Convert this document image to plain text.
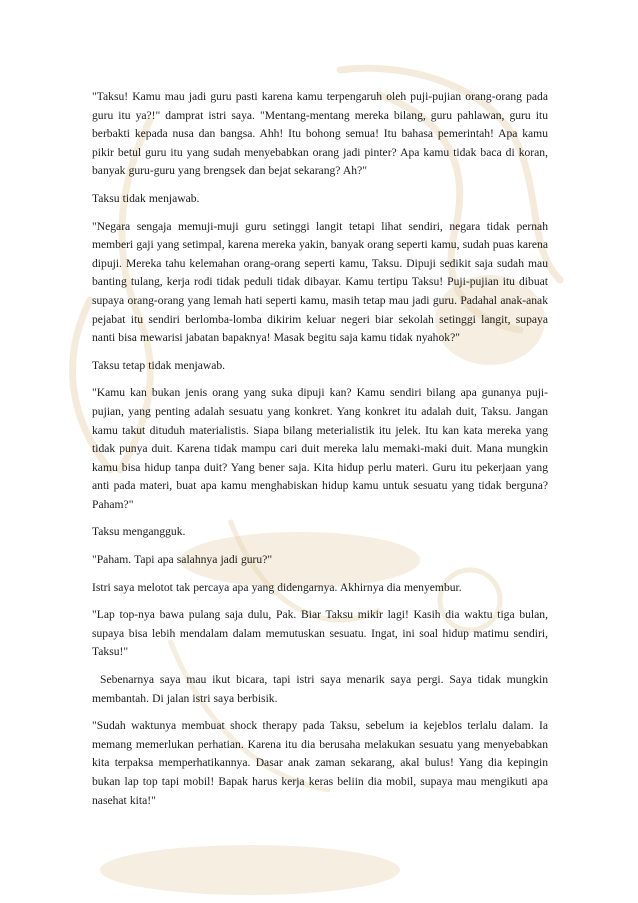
"Taksu! Kamu mau jadi guru pasti karena kamu terpengaruh oleh puji-pujian orang-orang pada guru itu ya?!" damprat istri saya. "Mentang-mentang mereka bilang, guru pahlawan, guru itu berbakti kepada nusa dan bangsa. Ahh! Itu bohong semua! Itu bahasa pemerintah! Apa kamu pikir betul guru itu yang sudah menyebabkan orang jadi pinter? Apa kamu tidak baca di koran, banyak guru-guru yang brengsek dan bejat sekarang? Ah?"

Taksu tidak menjawab.

"Negara sengaja memuji-muji guru setinggi langit tetapi lihat sendiri, negara tidak pernah memberi gaji yang setimpal, karena mereka yakin, banyak orang seperti kamu, sudah puas karena dipuji. Mereka tahu kelemahan orang-orang seperti kamu, Taksu. Dipuji sedikit saja sudah mau banting tulang, kerja rodi tidak peduli tidak dibayar. Kamu tertipu Taksu! Puji-pujian itu dibuat supaya orang-orang yang lemah hati seperti kamu, masih tetap mau jadi guru. Padahal anak-anak pejabat itu sendiri berlomba-lomba dikirim keluar negeri biar sekolah setinggi langit, supaya nanti bisa mewarisi jabatan bapaknya! Masak begitu saja kamu tidak nyahok?"

Taksu tetap tidak menjawab.

"Kamu kan bukan jenis orang yang suka dipuji kan? Kamu sendiri bilang apa gunanya puji-pujian, yang penting adalah sesuatu yang konkret. Yang konkret itu adalah duit, Taksu. Jangan kamu takut dituduh materialistis. Siapa bilang meterialistik itu jelek. Itu kan kata mereka yang tidak punya duit. Karena tidak mampu cari duit mereka lalu memaki-maki duit. Mana mungkin kamu bisa hidup tanpa duit? Yang bener saja. Kita hidup perlu materi. Guru itu pekerjaan yang anti pada materi, buat apa kamu menghabiskan hidup kamu untuk sesuatu yang tidak berguna? Paham?"

Taksu mengangguk.

"Paham. Tapi apa salahnya jadi guru?"

Istri saya melotot tak percaya apa yang didengarnya. Akhirnya dia menyembur.

"Lap top-nya bawa pulang saja dulu, Pak. Biar Taksu mikir lagi! Kasih dia waktu tiga bulan, supaya bisa lebih mendalam dalam memutuskan sesuatu. Ingat, ini soal hidup matimu sendiri, Taksu!"

Sebenarnya saya mau ikut bicara, tapi istri saya menarik saya pergi. Saya tidak mungkin membantah. Di jalan istri saya berbisik.

"Sudah waktunya membuat shock therapy pada Taksu, sebelum ia kejeblos terlalu dalam. Ia memang memerlukan perhatian. Karena itu dia berusaha melakukan sesuatu yang menyebabkan kita terpaksa memperhatikannya. Dasar anak zaman sekarang, akal bulus! Yang dia kepingin bukan lap top tapi mobil! Bapak harus kerja keras beliin dia mobil, supaya mau mengikuti apa nasehat kita!"
